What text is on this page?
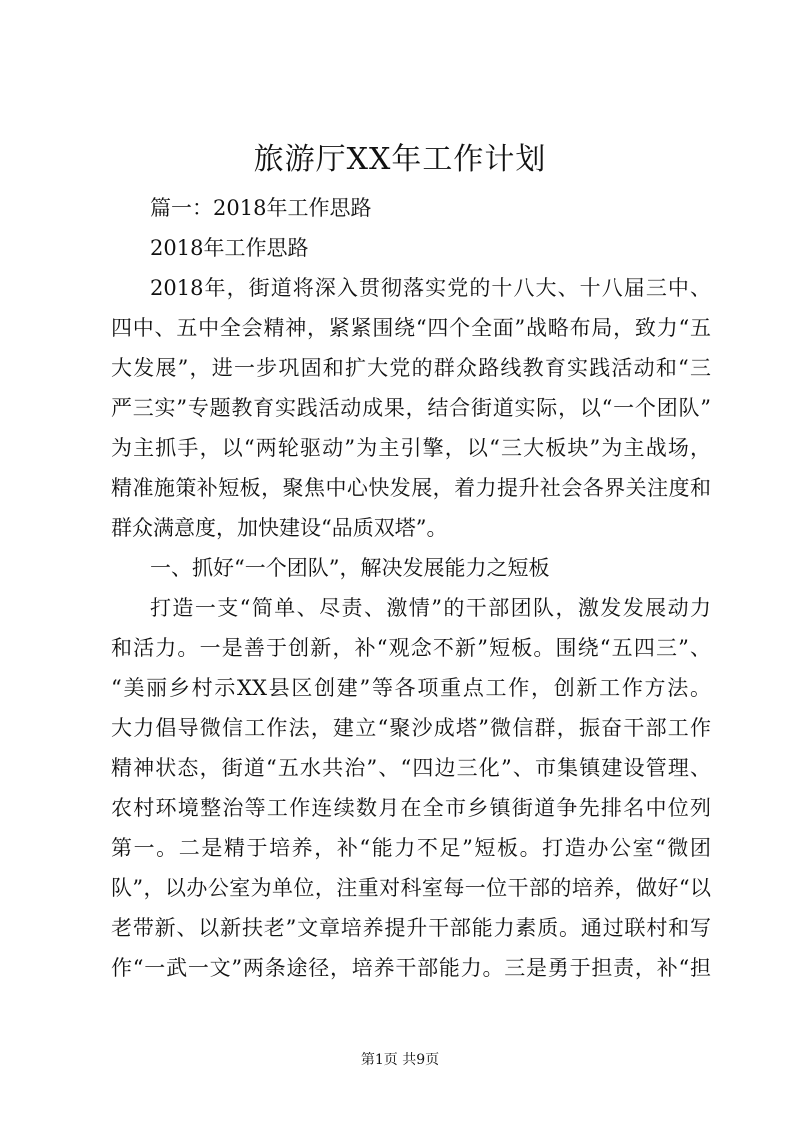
旅游厅XX年工作计划
篇一：2018年工作思路
2018年工作思路
2018年，街道将深入贯彻落实党的十八大、十八届三中、
四中、五中全会精神，紧紧围绕“四个全面”战略布局，致力“五
大发展”，进一步巩固和扩大党的群众路线教育实践活动和“三
严三实”专题教育实践活动成果，结合街道实际，以“一个团队”
为主抓手，以“两轮驱动”为主引擎，以“三大板块”为主战场，
精准施策补短板，聚焦中心快发展，着力提升社会各界关注度和
群众满意度，加快建设“品质双塔”。
一、抓好“一个团队”，解决发展能力之短板
打造一支“简单、尽责、激情”的干部团队，激发发展动力
和活力。一是善于创新，补“观念不新”短板。围绕“五四三”、
“美丽乡村示XX县区创建”等各项重点工作，创新工作方法。
大力倡导微信工作法，建立“聚沙成塔”微信群，振奋干部工作
精神状态，街道“五水共治”、“四边三化”、市集镇建设管理、
农村环境整治等工作连续数月在全市乡镇街道争先排名中位列
第一。二是精于培养，补“能力不足”短板。打造办公室“微团
队”，以办公室为单位，注重对科室每一位干部的培养，做好“以
老带新、以新扶老”文章培养提升干部能力素质。通过联村和写
作“一武一文”两条途径，培养干部能力。三是勇于担责，补“担
第1页 共9页
